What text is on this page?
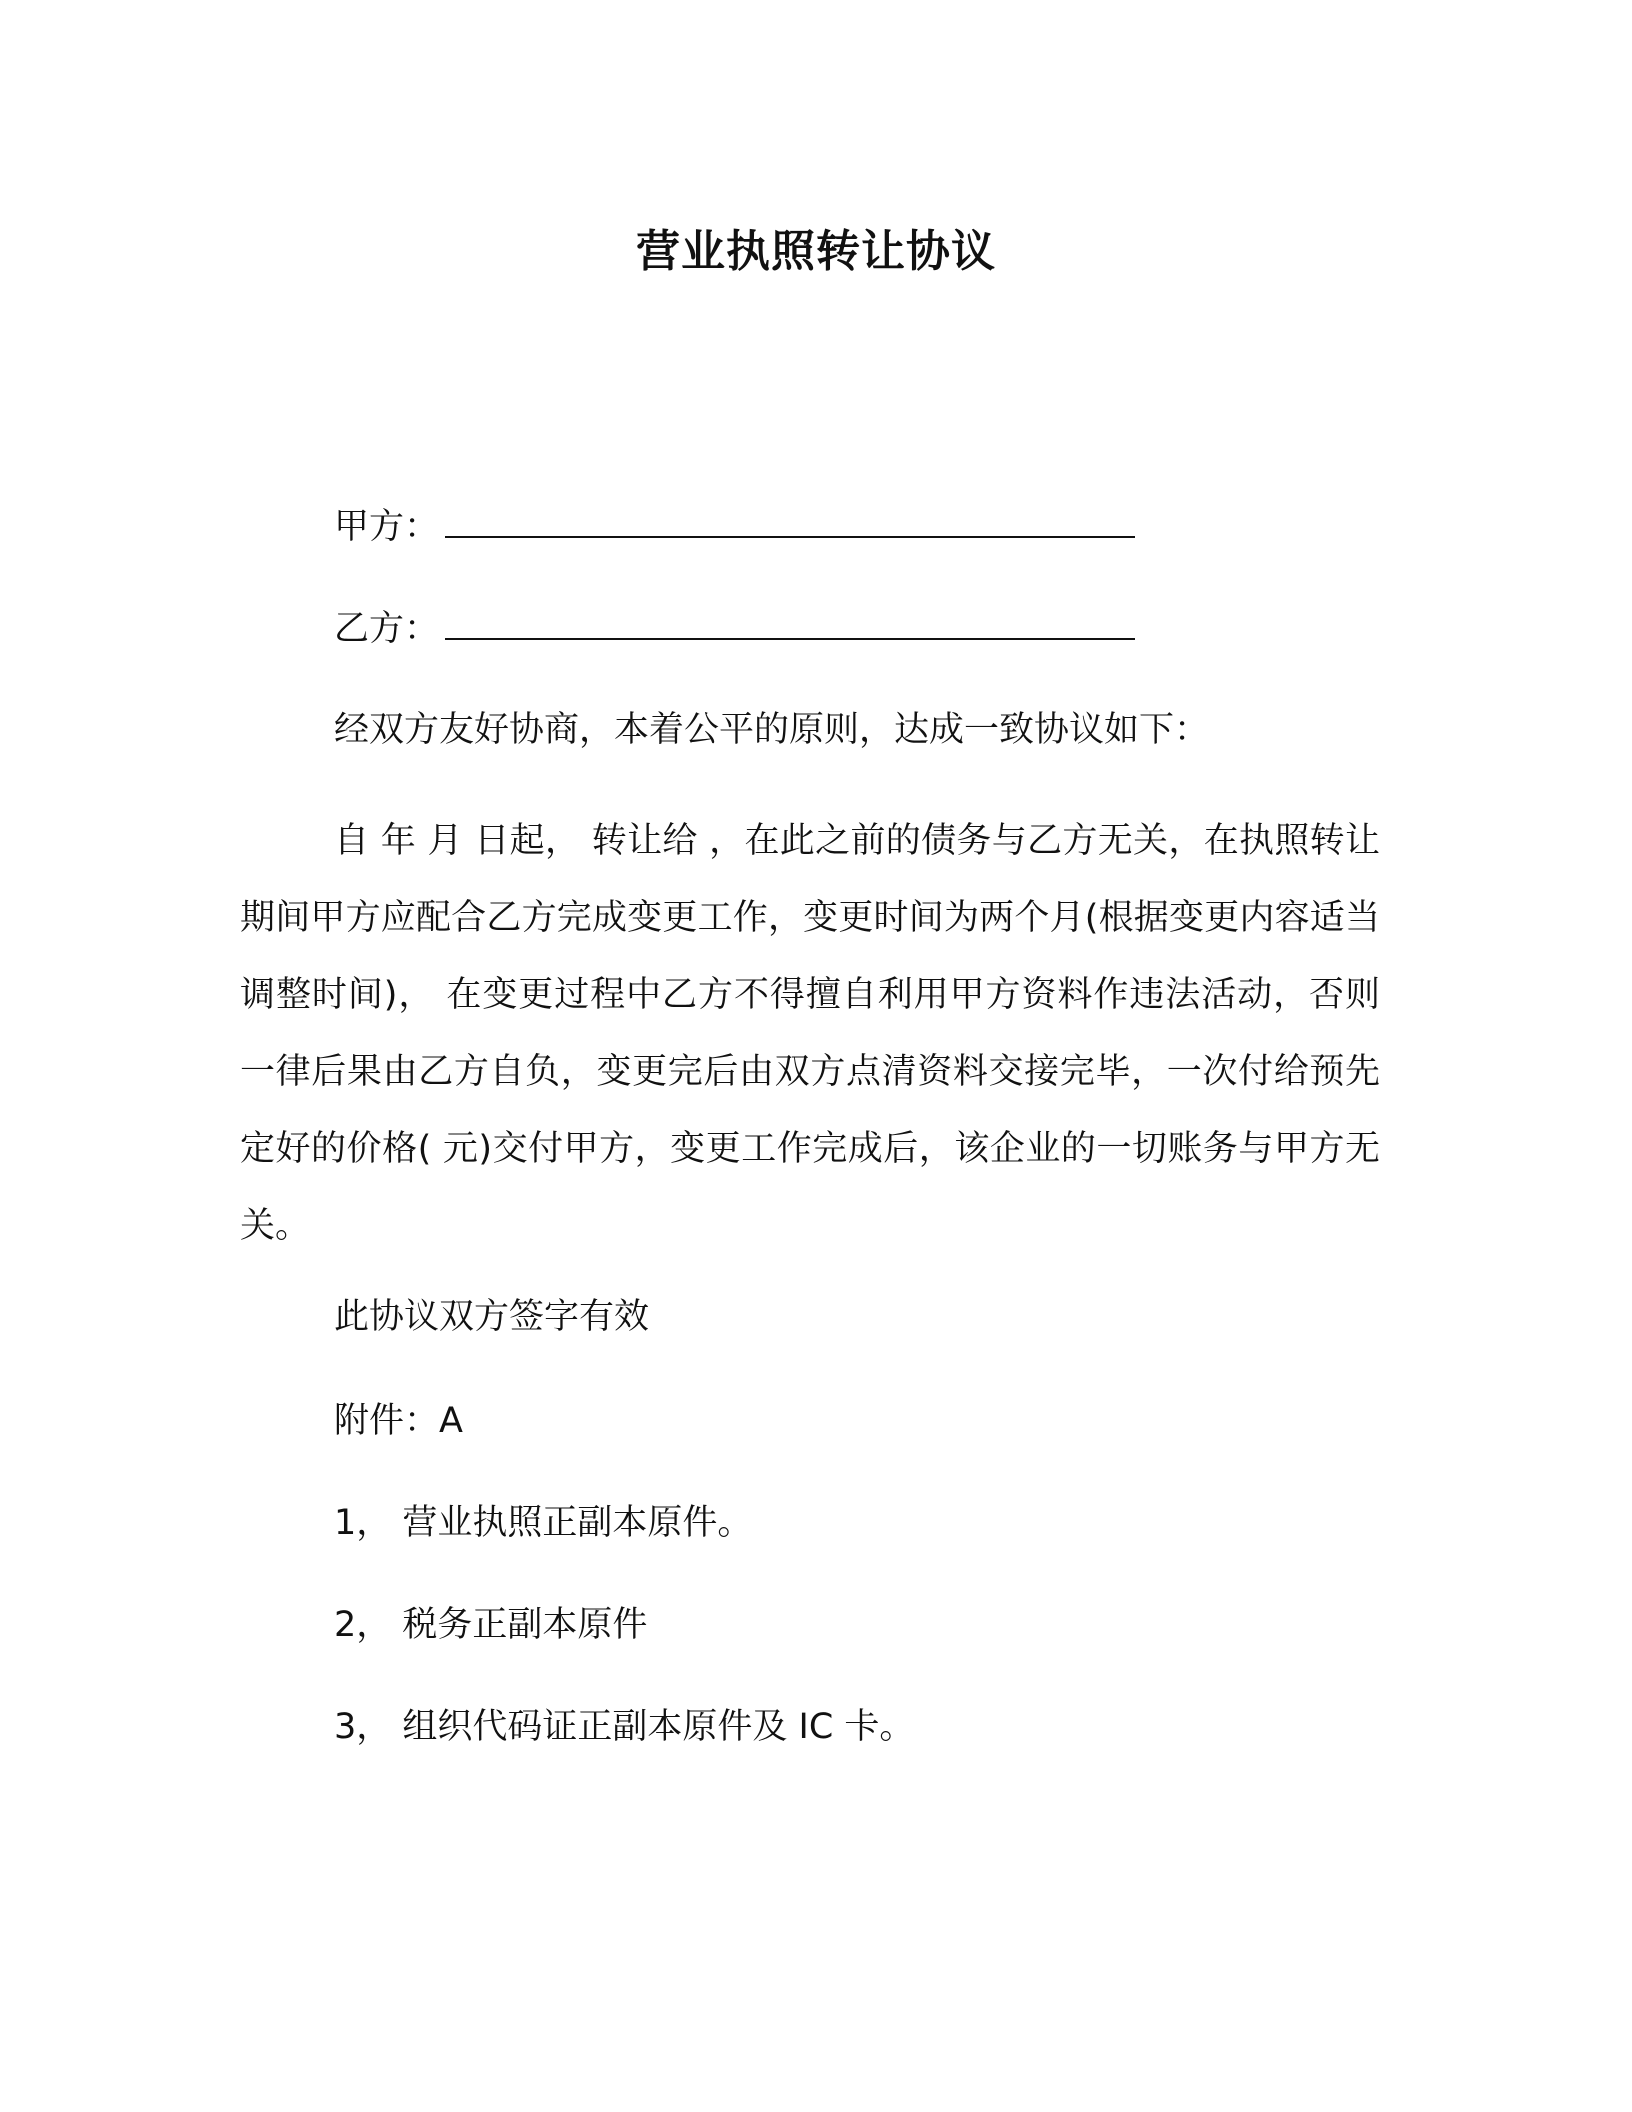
营业执照转让协议
甲方：
乙方：
经双方友好协商，本着公平的原则，达成一致协议如下：
自 年 月 日起， 转让给 ，在此之前的债务与乙方无关，在执照转让期间甲方应配合乙方完成变更工作，变更时间为两个月(根据变更内容适当调整时间)， 在变更过程中乙方不得擅自利用甲方资料作违法活动，否则一律后果由乙方自负，变更完后由双方点清资料交接完毕，一次付给预先定好的价格( 元)交付甲方，变更工作完成后，该企业的一切账务与甲方无关。
此协议双方签字有效
附件：A
1， 营业执照正副本原件。
2， 税务正副本原件
3， 组织代码证正副本原件及 IC 卡。
